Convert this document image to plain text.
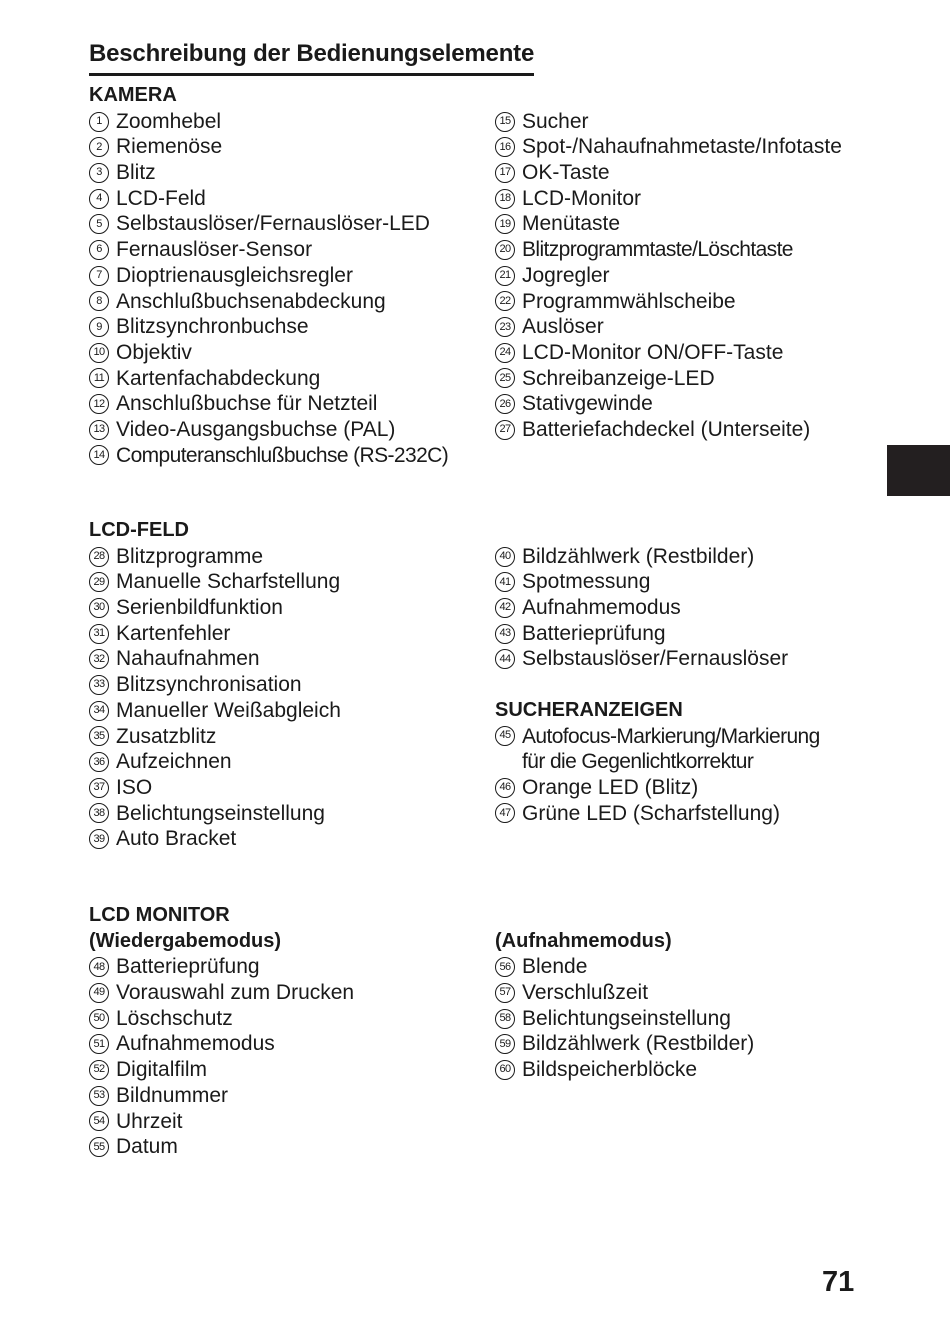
Beschreibung der Bedienungselemente
KAMERA
1 Zoomhebel
2 Riemenöse
3 Blitz
4 LCD-Feld
5 Selbstauslöser/Fernauslöser-LED
6 Fernauslöser-Sensor
7 Dioptrienausgleichsregler
8 Anschlußbuchsenabdeckung
9 Blitzsynchronbuchse
10 Objektiv
11 Kartenfachabdeckung
12 Anschlußbuchse für Netzteil
13 Video-Ausgangsbuchse (PAL)
14 Computeranschlußbuchse (RS-232C)
15 Sucher
16 Spot-/Nahaufnahmetaste/Infotaste
17 OK-Taste
18 LCD-Monitor
19 Menütaste
20 Blitzprogrammtaste/Löschtaste
21 Jogregler
22 Programmwählscheibe
23 Auslöser
24 LCD-Monitor ON/OFF-Taste
25 Schreibanzeige-LED
26 Stativgewinde
27 Batteriefachdeckel (Unterseite)
LCD-FELD
28 Blitzprogramme
29 Manuelle Scharfstellung
30 Serienbildfunktion
31 Kartenfehler
32 Nahaufnahmen
33 Blitzsynchronisation
34 Manueller Weißabgleich
35 Zusatzblitz
36 Aufzeichnen
37 ISO
38 Belichtungseinstellung
39 Auto Bracket
40 Bildzählwerk (Restbilder)
41 Spotmessung
42 Aufnahmemodus
43 Batterieprüfung
44 Selbstauslöser/Fernauslöser
SUCHERANZEIGEN
45 Autofocus-Markierung/Markierung für die Gegenlichtkorrektur
46 Orange LED (Blitz)
47 Grüne LED (Scharfstellung)
LCD MONITOR
(Wiedergabemodus)
48 Batterieprüfung
49 Vorauswahl zum Drucken
50 Löschschutz
51 Aufnahmemodus
52 Digitalfilm
53 Bildnummer
54 Uhrzeit
55 Datum
(Aufnahmemodus)
56 Blende
57 Verschlußzeit
58 Belichtungseinstellung
59 Bildzählwerk (Restbilder)
60 Bildspeicherblöcke
71
